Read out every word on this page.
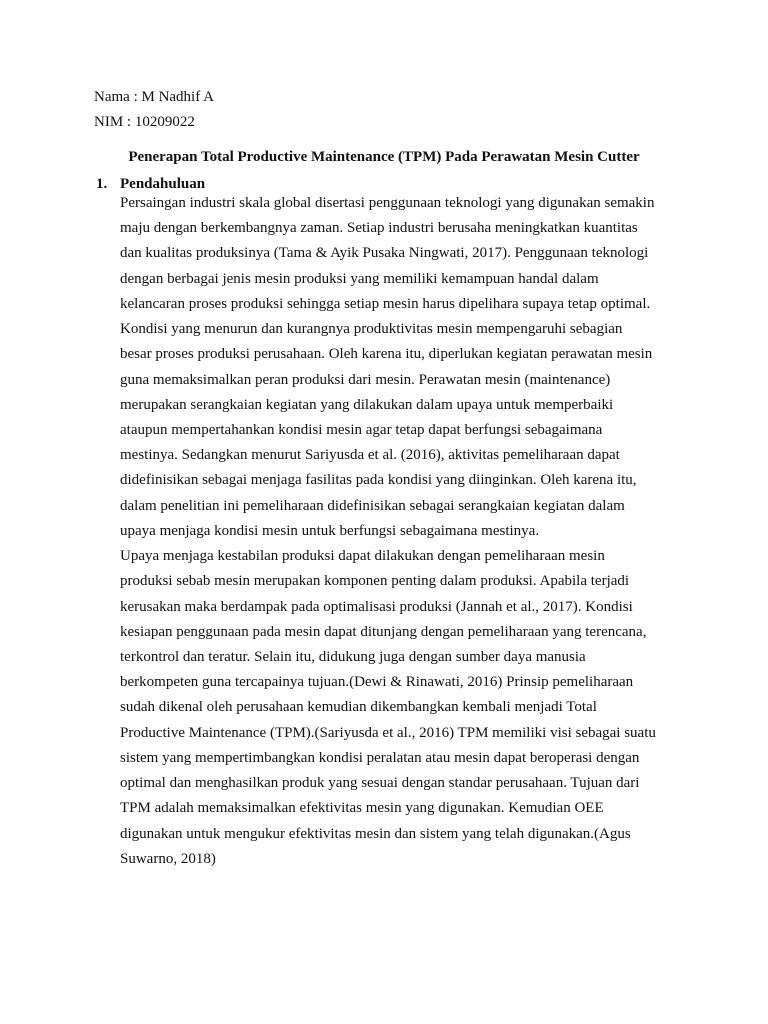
Nama : M Nadhif A
NIM : 10209022
Penerapan Total Productive Maintenance (TPM) Pada Perawatan Mesin Cutter
1. Pendahuluan
Persaingan industri skala global disertasi penggunaan teknologi yang digunakan semakin
maju dengan berkembangnya zaman. Setiap industri berusaha meningkatkan kuantitas
dan kualitas produksinya (Tama & Ayik Pusaka Ningwati, 2017). Penggunaan teknologi
dengan berbagai jenis mesin produksi yang memiliki kemampuan handal dalam
kelancaran proses produksi sehingga setiap mesin harus dipelihara supaya tetap optimal.
Kondisi yang menurun dan kurangnya produktivitas mesin mempengaruhi sebagian
besar proses produksi perusahaan. Oleh karena itu, diperlukan kegiatan perawatan mesin
guna memaksimalkan peran produksi dari mesin. Perawatan mesin (maintenance)
merupakan serangkaian kegiatan yang dilakukan dalam upaya untuk memperbaiki
ataupun mempertahankan kondisi mesin agar tetap dapat berfungsi sebagaimana
mestinya. Sedangkan menurut Sariyusda et al. (2016), aktivitas pemeliharaan dapat
didefinisikan sebagai menjaga fasilitas pada kondisi yang diinginkan. Oleh karena itu,
dalam penelitian ini pemeliharaan didefinisikan sebagai serangkaian kegiatan dalam
upaya menjaga kondisi mesin untuk berfungsi sebagaimana mestinya.
Upaya menjaga kestabilan produksi dapat dilakukan dengan pemeliharaan mesin
produksi sebab mesin merupakan komponen penting dalam produksi. Apabila terjadi
kerusakan maka berdampak pada optimalisasi produksi (Jannah et al., 2017). Kondisi
kesiapan penggunaan pada mesin dapat ditunjang dengan pemeliharaan yang terencana,
terkontrol dan teratur. Selain itu, didukung juga dengan sumber daya manusia
berkompeten guna tercapainya tujuan.(Dewi & Rinawati, 2016) Prinsip pemeliharaan
sudah dikenal oleh perusahaan kemudian dikembangkan kembali menjadi Total
Productive Maintenance (TPM).(Sariyusda et al., 2016) TPM memiliki visi sebagai suatu
sistem yang mempertimbangkan kondisi peralatan atau mesin dapat beroperasi dengan
optimal dan menghasilkan produk yang sesuai dengan standar perusahaan. Tujuan dari
TPM adalah memaksimalkan efektivitas mesin yang digunakan. Kemudian OEE
digunakan untuk mengukur efektivitas mesin dan sistem yang telah digunakan.(Agus
Suwarno, 2018)
